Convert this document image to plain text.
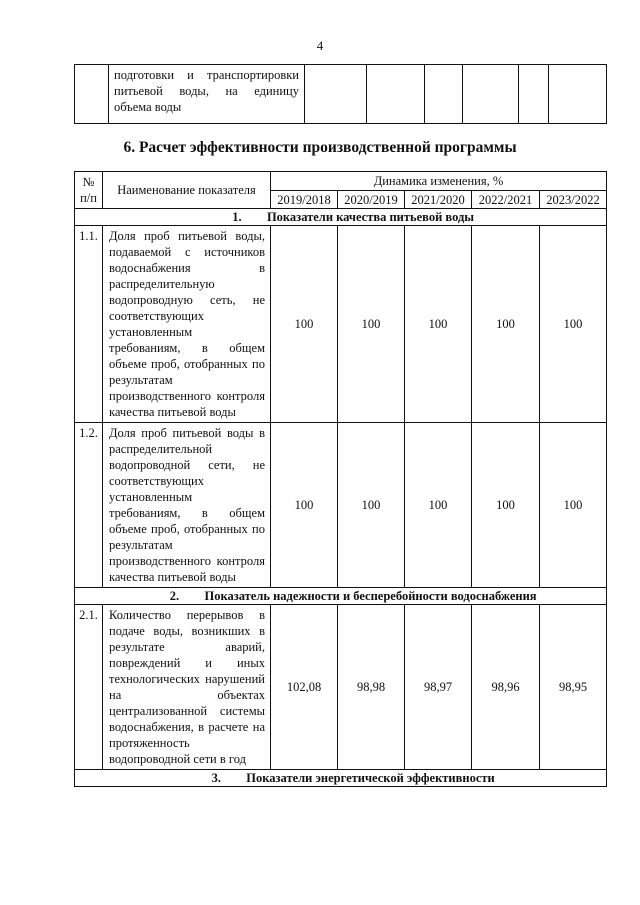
4
	подготовки и транспортировки питьевой воды, на единицу объема воды						
6. Расчет эффективности производственной программы
№
п/п	Наименование показателя	Динамика изменения, %				
		2019/2018	2020/2019	2021/2020	2022/2021	2023/2022
1. Показатели качества питьевой воды						
1.1.	Доля проб питьевой воды, подаваемой с источников водоснабжения в распределительную водопроводную сеть, не соответствующих установленным требованиям, в общем объеме проб, отобранных по результатам производственного контроля качества питьевой воды	100	100	100	100	100
1.2.	Доля проб питьевой воды в распределительной водопроводной сети, не соответствующих установленным требованиям, в общем объеме проб, отобранных по результатам производственного контроля качества питьевой воды	100	100	100	100	100
2. Показатель надежности и бесперебойности водоснабжения						
2.1.	Количество перерывов в подаче воды, возникших в результате аварий, повреждений и иных технологических нарушений на объектах централизованной системы водоснабжения, в расчете на протяженность водопроводной сети в год	102,08	98,98	98,97	98,96	98,95
3. Показатели энергетической эффективности						
